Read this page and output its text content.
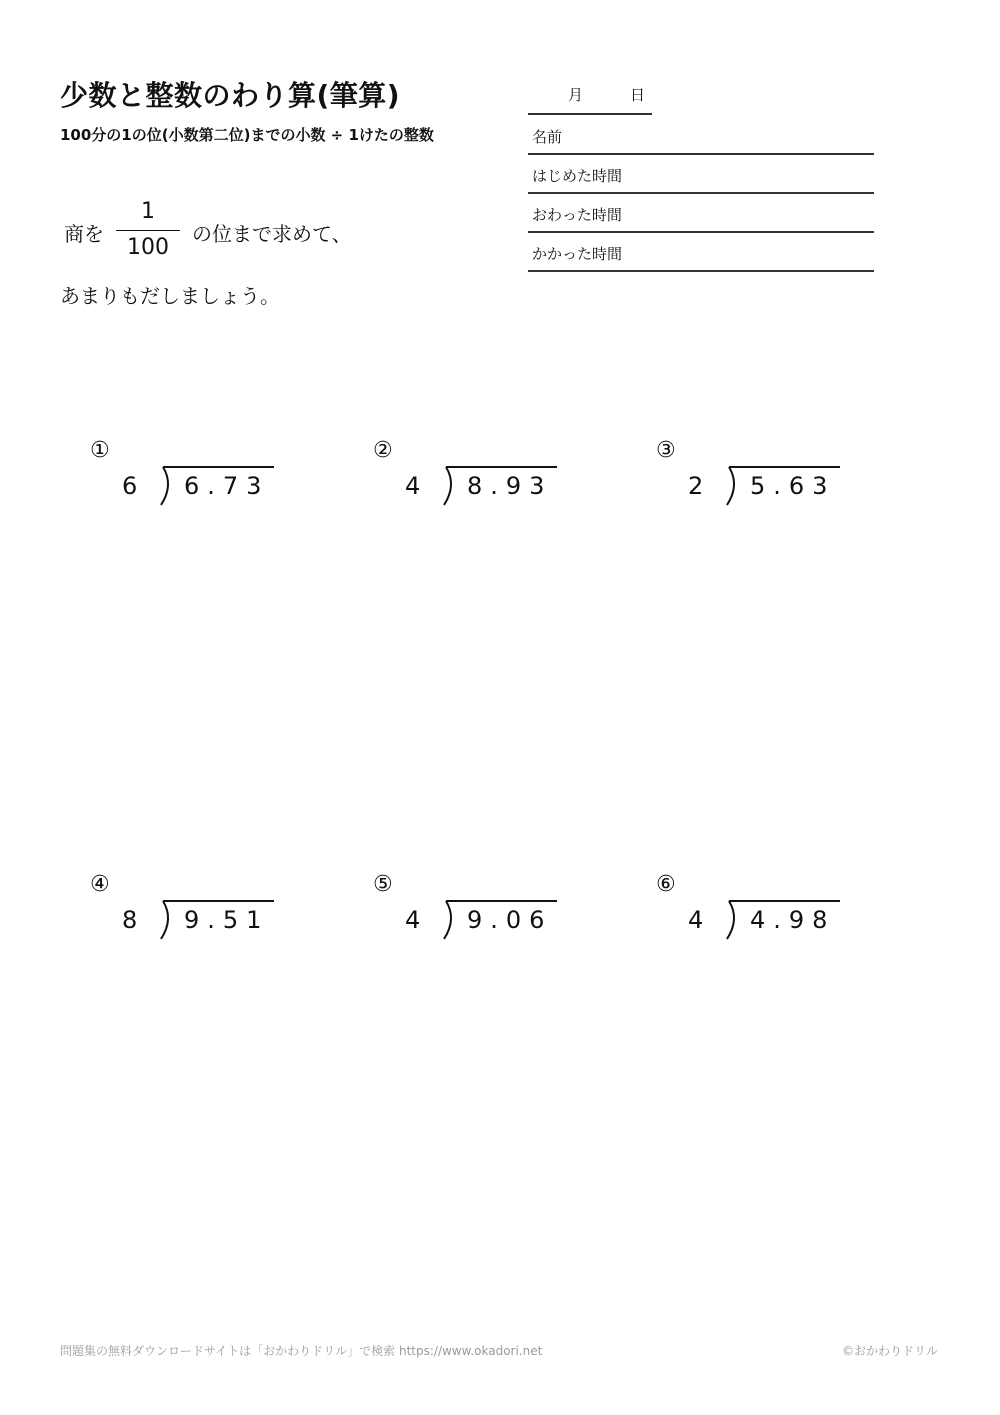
少数と整数のわり算(筆算)
100分の1の位(小数第二位)までの小数 ÷ 1けたの整数
商を
1
100
の位まで求めて、
あまりもだしましょう。
月	日
名前
はじめた時間
おわった時間
かかった時間
①
6 6.73
②
4 8.93
③
2 5.63
④
8 9.51
⑤
4 9.06
⑥
4 4.98
問題集の無料ダウンロードサイトは「おかわりドリル」で検索 https://www.okadori.net	©おかわりドリル
